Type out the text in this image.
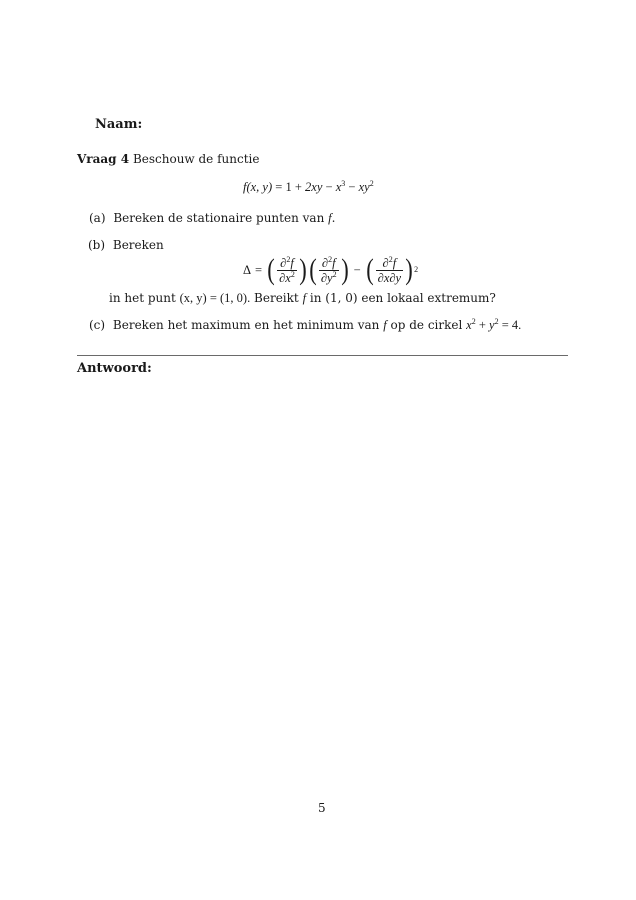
Naam:
Vraag 4 Beschouw de functie
f(x, $y) = 1 + 2xy - x^3 - xy^2$
(a) Bereken de stationaire punten van f.
(b) Bereken
Δ = ( $\frac{\partial^2f}{\partial x^2}$ ) ( $\frac{\partial^2f}{\partial y^2}$ ) − ( $\frac{\partial^2f}{\partial x\partial y}$ ) 2
in het punt (x, y) = (1, 0). Bereikt f in (1, 0) een lokaal extremum?
(c) Bereken het maximum en het minimum van f op de cirkel $x^2 + y^2 = 4$.
Antwoord:
5
